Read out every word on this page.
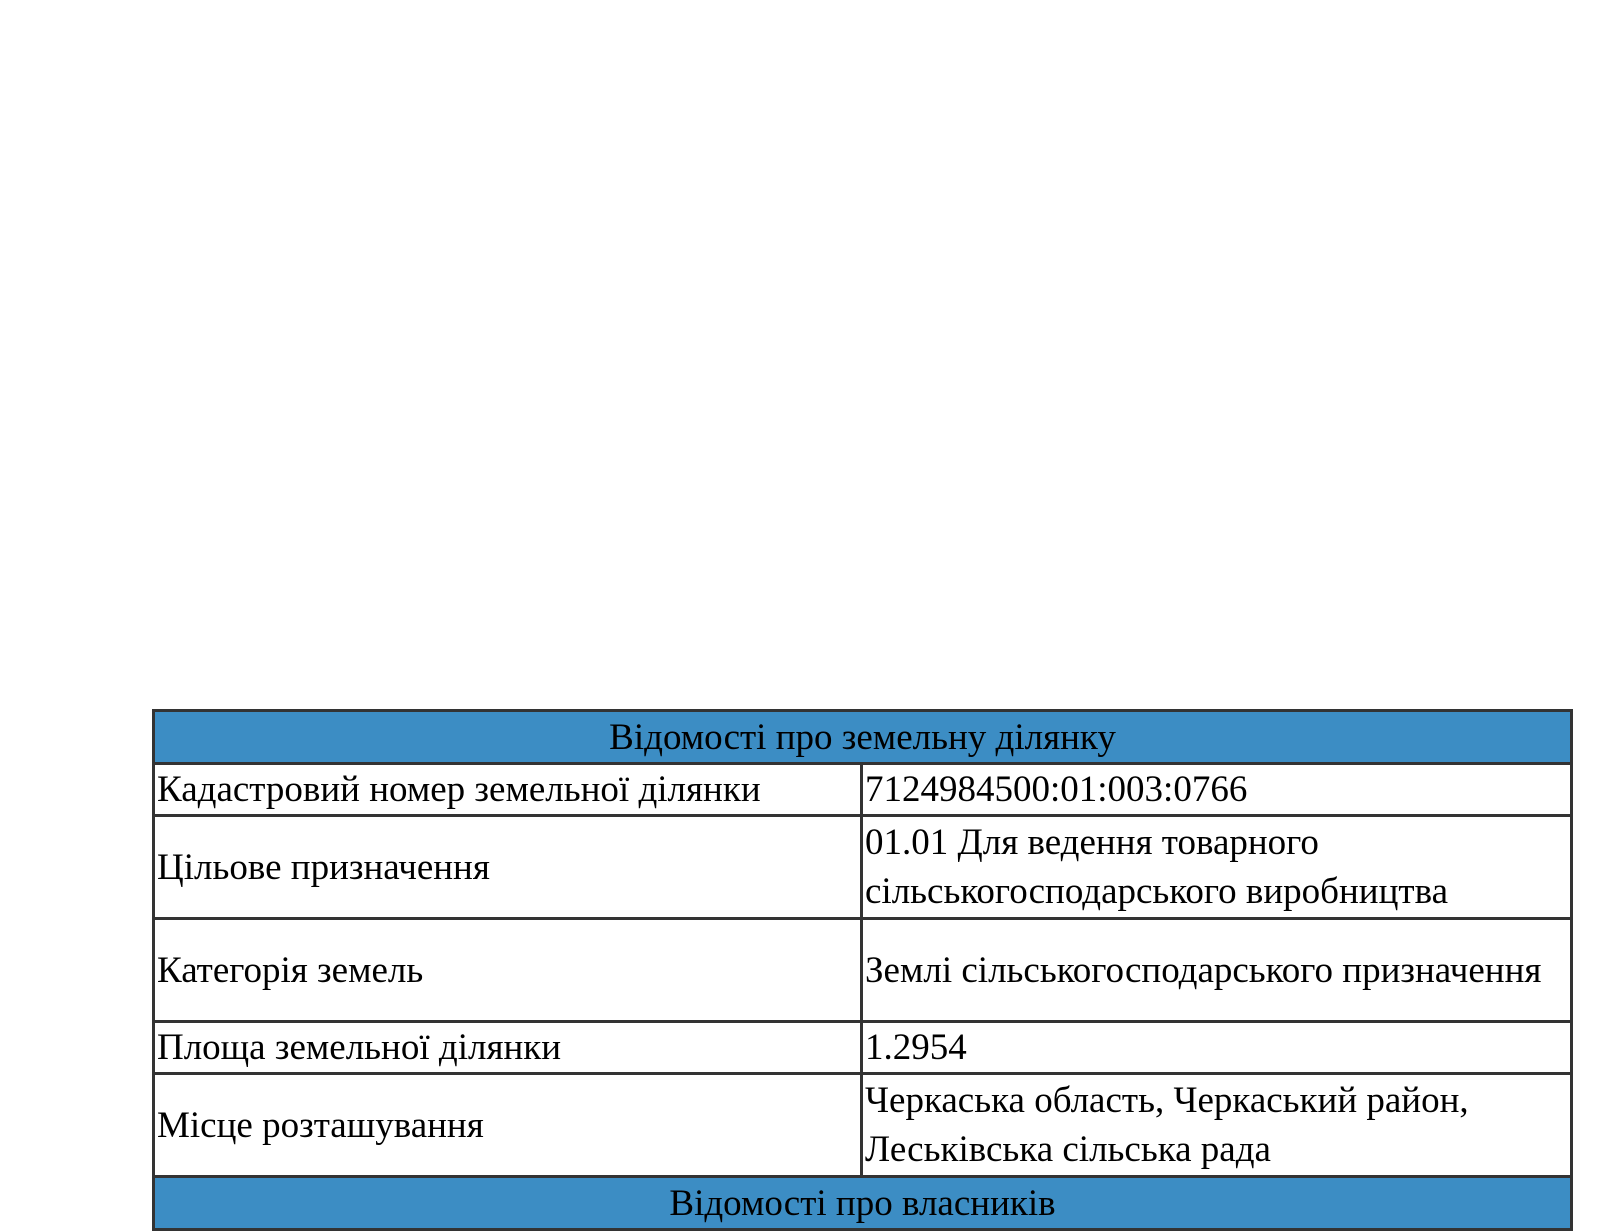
Відомості про земельну ділянку	
Кадастровий номер земельної ділянки	7124984500:01:003:0766
Цільове призначення	01.01 Для ведення товарного сільськогосподарського виробництва
Категорія земель	Землі сільськогосподарського призначення
Площа земельної ділянки	1.2954
Місце розташування	Черкаська область, Черкаський район, Леськівська сільська рада
Відомості про власників	
